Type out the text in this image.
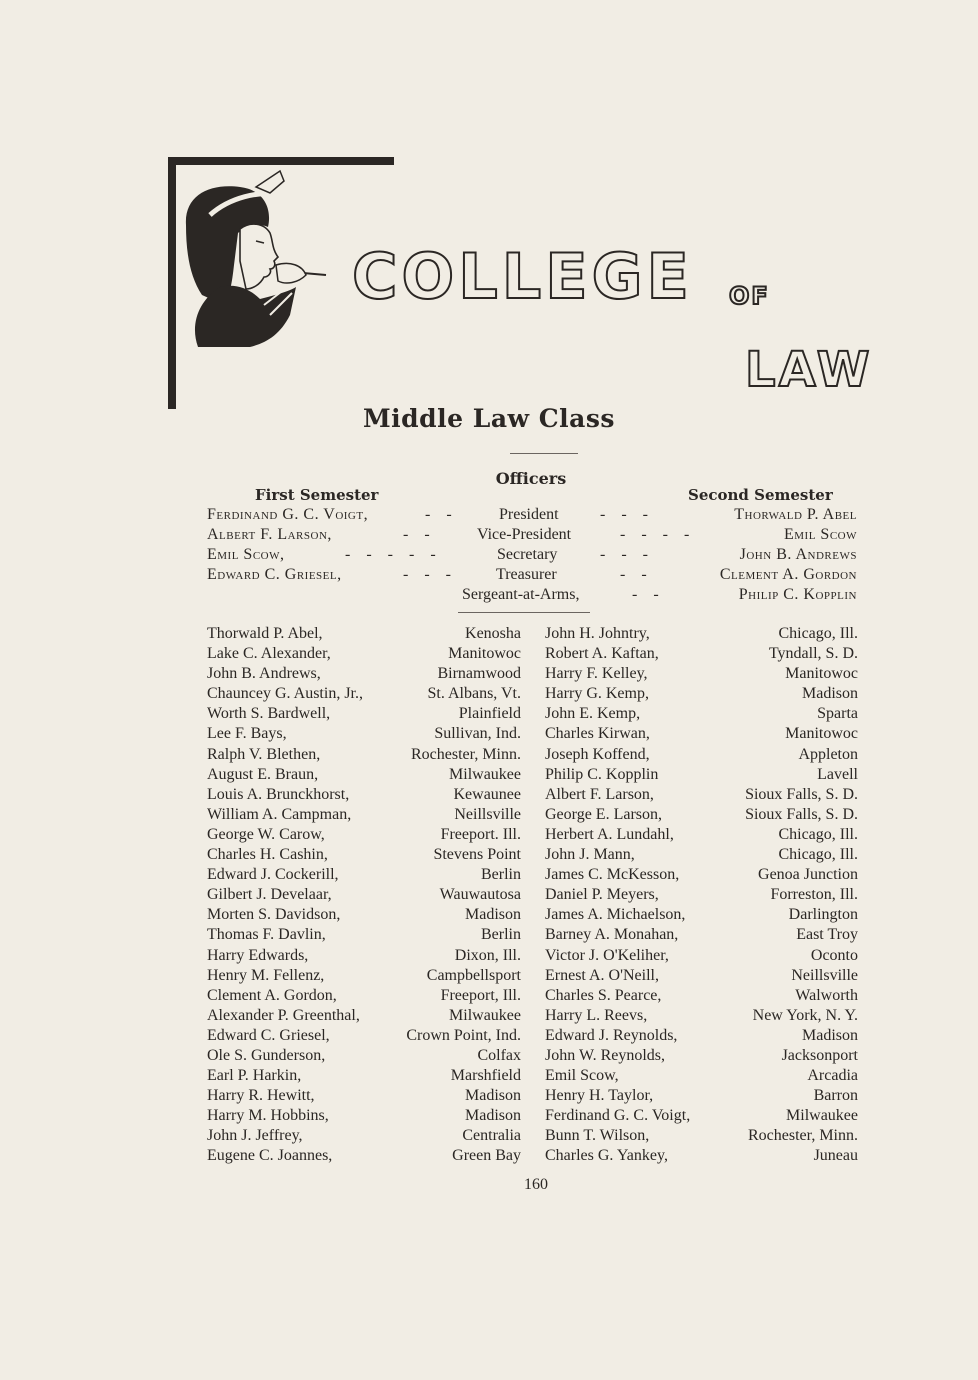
COLLEGE OF
LAW
Middle Law Class
Officers
First Semester	Second Semester
Ferdinand G. C. Voigt,	-    -	President	-    -    -	Thorwald P. Abel
Albert F. Larson,	-    -	Vice-President	-    -    -    -	Emil Scow
Emil Scow,	-    -    -    -    -	Secretary	-    -    -	John B. Andrews
Edward C. Griesel,	-    -    -	Treasurer	-    -	Clement A. Gordon
Sergeant-at-Arms,	-    -	Philip C. Kopplin
Thorwald P. Abel,	Kenosha
Lake C. Alexander,	Manitowoc
John B. Andrews,	Birnamwood
Chauncey G. Austin, Jr.,	St. Albans, Vt.
Worth S. Bardwell,	Plainfield
Lee F. Bays,	Sullivan, Ind.
Ralph V. Blethen,	Rochester, Minn.
August E. Braun,	Milwaukee
Louis A. Brunckhorst,	Kewaunee
William A. Campman,	Neillsville
George W. Carow,	Freeport. Ill.
Charles H. Cashin,	Stevens Point
Edward J. Cockerill,	Berlin
Gilbert J. Develaar,	Wauwautosa
Morten S. Davidson,	Madison
Thomas F. Davlin,	Berlin
Harry Edwards,	Dixon, Ill.
Henry M. Fellenz,	Campbellsport
Clement A. Gordon,	Freeport, Ill.
Alexander P. Greenthal,	Milwaukee
Edward C. Griesel,	Crown Point, Ind.
Ole S. Gunderson,	Colfax
Earl P. Harkin,	Marshfield
Harry R. Hewitt,	Madison
Harry M. Hobbins,	Madison
John J. Jeffrey,	Centralia
Eugene C. Joannes,	Green Bay
John H. Johntry,	Chicago, Ill.
Robert A. Kaftan,	Tyndall, S. D.
Harry F. Kelley,	Manitowoc
Harry G. Kemp,	Madison
John E. Kemp,	Sparta
Charles Kirwan,	Manitowoc
Joseph Koffend,	Appleton
Philip C. Kopplin	Lavell
Albert F. Larson,	Sioux Falls, S. D.
George E. Larson,	Sioux Falls, S. D.
Herbert A. Lundahl,	Chicago, Ill.
John J. Mann,	Chicago, Ill.
James C. McKesson,	Genoa Junction
Daniel P. Meyers,	Forreston, Ill.
James A. Michaelson,	Darlington
Barney A. Monahan,	East Troy
Victor J. O'Keliher,	Oconto
Ernest A. O'Neill,	Neillsville
Charles S. Pearce,	Walworth
Harry L. Reevs,	New York, N. Y.
Edward J. Reynolds,	Madison
John W. Reynolds,	Jacksonport
Emil Scow,	Arcadia
Henry H. Taylor,	Barron
Ferdinand G. C. Voigt,	Milwaukee
Bunn T. Wilson,	Rochester, Minn.
Charles G. Yankey,	Juneau
160
